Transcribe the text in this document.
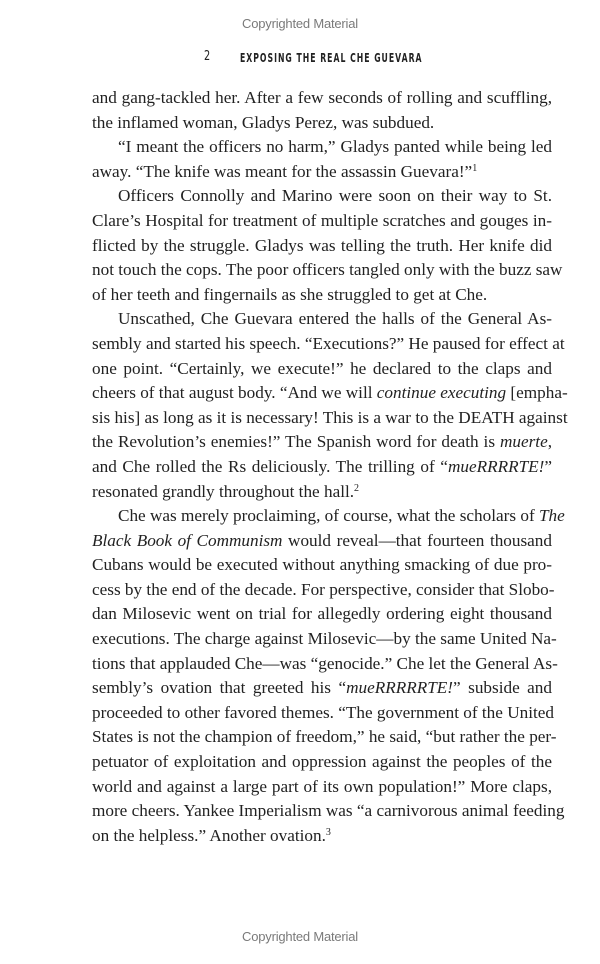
Copyrighted Material
2 EXPOSING THE REAL CHE GUEVARA
and gang-tackled her. After a few seconds of rolling and scuffling,
the inflamed woman, Gladys Perez, was subdued.
“I meant the officers no harm,” Gladys panted while being led
away. “The knife was meant for the assassin Guevara!”$^1$
Officers Connolly and Marino were soon on their way to St.
Clare’s Hospital for treatment of multiple scratches and gouges in-
flicted by the struggle. Gladys was telling the truth. Her knife did
not touch the cops. The poor officers tangled only with the buzz saw
of her teeth and fingernails as she struggled to get at Che.
Unscathed, Che Guevara entered the halls of the General As-
sembly and started his speech. “Executions?” He paused for effect at
one point. “Certainly, we execute!” he declared to the claps and
cheers of that august body. “And we will continue executing [empha-
sis his] as long as it is necessary! This is a war to the DEATH against
the Revolution’s enemies!” The Spanish word for death is muerte,
and Che rolled the Rs deliciously. The trilling of “mueRRRRTE!”
resonated grandly throughout the hall.$^2$
Che was merely proclaiming, of course, what the scholars of The
Black Book of Communism would reveal—that fourteen thousand
Cubans would be executed without anything smacking of due pro-
cess by the end of the decade. For perspective, consider that Slobo-
dan Milosevic went on trial for allegedly ordering eight thousand
executions. The charge against Milosevic—by the same United Na-
tions that applauded Che—was “genocide.” Che let the General As-
sembly’s ovation that greeted his “mueRRRRRTE!” subside and
proceeded to other favored themes. “The government of the United
States is not the champion of freedom,” he said, “but rather the per-
petuator of exploitation and oppression against the peoples of the
world and against a large part of its own population!” More claps,
more cheers. Yankee Imperialism was “a carnivorous animal feeding
on the helpless.” Another ovation.$^3$
Copyrighted Material
